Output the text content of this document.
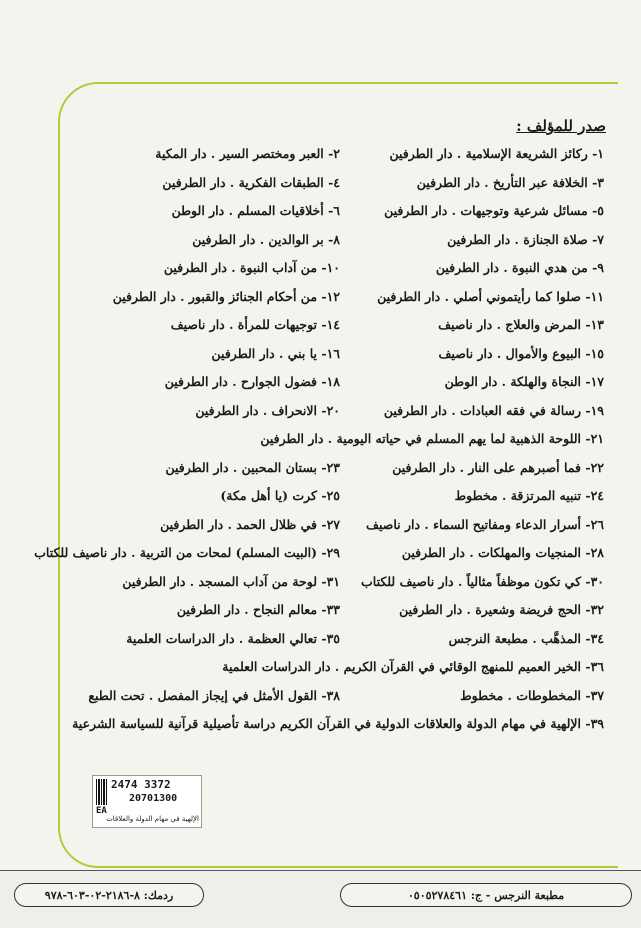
صدر للمؤلف :
١- ركائز الشريعة الإسلامية . دار الطرفين
٢- العبر ومختصر السير . دار المكية
٣- الخلافة عبر التأريخ . دار الطرفين
٤- الطبقات الفكرية . دار الطرفين
٥- مسائل شرعية وتوجيهات . دار الطرفين
٦- أخلاقيات المسلم . دار الوطن
٧- صلاة الجنازة . دار الطرفين
٨- بر الوالدين . دار الطرفين
٩- من هدي النبوة . دار الطرفين
١٠- من آداب النبوة . دار الطرفين
١١- صلوا كما رأيتموني أصلي . دار الطرفين
١٢- من أحكام الجنائز والقبور . دار الطرفين
١٣- المرض والعلاج . دار ناصيف
١٤- توجيهات للمرأة . دار ناصيف
١٥- البيوع والأموال . دار ناصيف
١٦- يا بني . دار الطرفين
١٧- النجاة والهلكة . دار الوطن
١٨- فضول الجوارح . دار الطرفين
١٩- رسالة في فقه العبادات . دار الطرفين
٢٠- الانحراف . دار الطرفين
٢١- اللوحة الذهبية لما يهم المسلم في حياته اليومية . دار الطرفين
٢٢- فما أصبرهم على النار . دار الطرفين
٢٣- بستان المحبين . دار الطرفين
٢٤- تنبيه المرتزقة . مخطوط
٢٥- كرت (يا أهل مكة)
٢٦- أسرار الدعاء ومفاتيح السماء . دار ناصيف
٢٧- في ظلال الحمد . دار الطرفين
٢٨- المنجيات والمهلكات . دار الطرفين
٢٩- (البيت المسلم) لمحات من التربية . دار ناصيف للكتاب
٣٠- كي تكون موظفاً مثالياً . دار ناصيف للكتاب
٣١- لوحة من آداب المسجد . دار الطرفين
٣٢- الحج فريضة وشعيرة . دار الطرفين
٣٣- معالم النجاح . دار الطرفين
٣٤- المذهَّب . مطبعة النرجس
٣٥- تعالي العظمة . دار الدراسات العلمية
٣٦- الخير العميم للمنهج الوقائي في القرآن الكريم . دار الدراسات العلمية
٣٧- المخطوطات . مخطوط
٣٨- القول الأمثل في إيجاز المفصل . تحت الطبع
٣٩- الإلهية في مهام الدولة والعلاقات الدولية في القرآن الكريم دراسة تأصيلية قرآنية للسياسة الشرعية
2474 3372
20701300
EA
الإلهية في مهام الدولة والعلاقات
مطبعة النرجس - ج: ٠٥٠٥٢٧٨٤٦١
ردمك: ٨-٢١٨٦-٠٢-٦٠٣-٩٧٨
